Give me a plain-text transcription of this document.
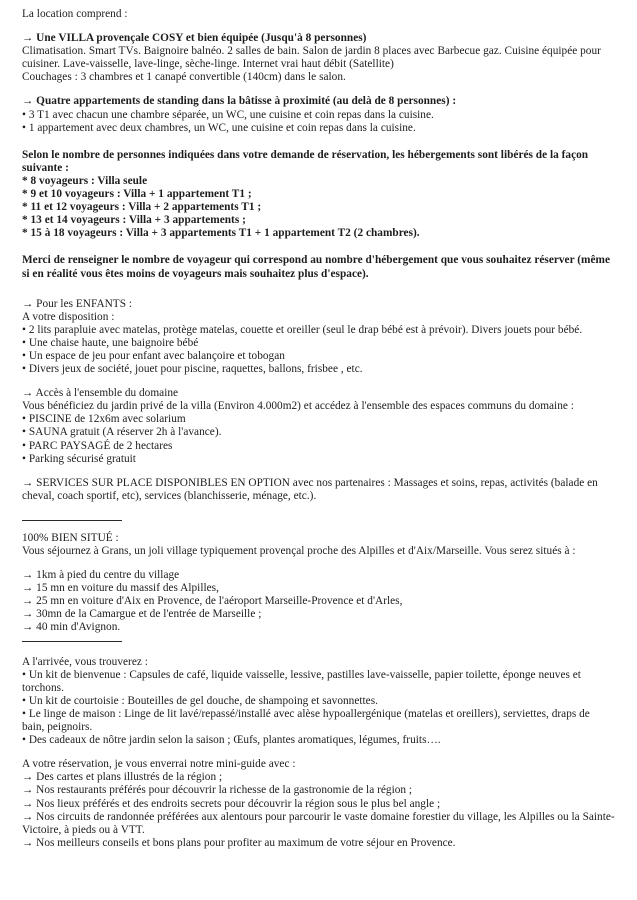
La location comprend :
→ Une VILLA provençale COSY et bien équipée (Jusqu'à 8 personnes)
Climatisation. Smart TVs. Baignoire balnéo. 2 salles de bain. Salon de jardin 8 places avec Barbecue gaz. Cuisine équipée pour cuisiner. Lave-vaisselle, lave-linge, sèche-linge. Internet vrai haut débit (Satellite)
Couchages : 3 chambres et 1 canapé convertible (140cm) dans le salon.
→ Quatre appartements de standing dans la bâtisse à proximité (au delà de 8 personnes) :
• 3 T1 avec chacun une chambre séparée, un WC, une cuisine et coin repas dans la cuisine.
• 1 appartement avec deux chambres, un WC, une cuisine et coin repas dans la cuisine.
Selon le nombre de personnes indiquées dans votre demande de réservation, les hébergements sont libérés de la façon suivante :
* 8 voyageurs : Villa seule
* 9 et 10 voyageurs : Villa + 1 appartement T1 ;
* 11 et 12 voyageurs : Villa + 2 appartements T1 ;
* 13 et 14 voyageurs : Villa + 3 appartements ;
* 15 à 18 voyageurs : Villa + 3 appartements T1 + 1 appartement T2 (2 chambres).
Merci de renseigner le nombre de voyageur qui correspond au nombre d'hébergement que vous souhaitez réserver (même si en réalité vous êtes moins de voyageurs mais souhaitez plus d'espace).
→ Pour les ENFANTS :
A votre disposition :
• 2 lits parapluie avec matelas, protège matelas, couette et oreiller (seul le drap bébé est à prévoir). Divers jouets pour bébé.
• Une chaise haute, une baignoire bébé
• Un espace de jeu pour enfant avec balançoire et tobogan
• Divers jeux de société, jouet pour piscine, raquettes, ballons, frisbee , etc.
→ Accès à l'ensemble du domaine
Vous bénéficiez du jardin privé de la villa (Environ 4.000m2) et accédez à l'ensemble des espaces communs du domaine :
• PISCINE de 12x6m avec solarium
• SAUNA gratuit (A réserver 2h à l'avance).
• PARC PAYSAGÉ de 2 hectares
• Parking sécurisé gratuit
→ SERVICES SUR PLACE DISPONIBLES EN OPTION avec nos partenaires : Massages et soins, repas, activités (balade en cheval, coach sportif, etc), services (blanchisserie, ménage, etc.).
100% BIEN SITUÉ :
Vous séjournez à Grans, un joli village typiquement provençal proche des Alpilles et d'Aix/Marseille. Vous serez situés à :
→ 1km à pied du centre du village
→ 15 mn en voiture du massif des Alpilles,
→ 25 mn en voiture d'Aix en Provence, de l'aéroport Marseille-Provence et d'Arles,
→ 30mn de la Camargue et de l'entrée de Marseille ;
→ 40 min d'Avignon.
A l'arrivée, vous trouverez :
• Un kit de bienvenue : Capsules de café, liquide vaisselle, lessive, pastilles lave-vaisselle, papier toilette, éponge neuves et torchons.
• Un kit de courtoisie : Bouteilles de gel douche, de shampoing et savonnettes.
• Le linge de maison : Linge de lit lavé/repassé/installé avec alèse hypoallergénique (matelas et oreillers), serviettes, draps de bain, peignoirs.
• Des cadeaux de nôtre jardin selon la saison ; Œufs, plantes aromatiques, légumes, fruits….
A votre réservation, je vous enverrai notre mini-guide avec :
→ Des cartes et plans illustrés de la région ;
→ Nos restaurants préférés pour découvrir la richesse de la gastronomie de la région ;
→ Nos lieux préférés et des endroits secrets pour découvrir la région sous le plus bel angle ;
→ Nos circuits de randonnée préférées aux alentours pour parcourir le vaste domaine forestier du village, les Alpilles ou la Sainte-Victoire, à pieds ou à VTT.
→ Nos meilleurs conseils et bons plans pour profiter au maximum de votre séjour en Provence.
